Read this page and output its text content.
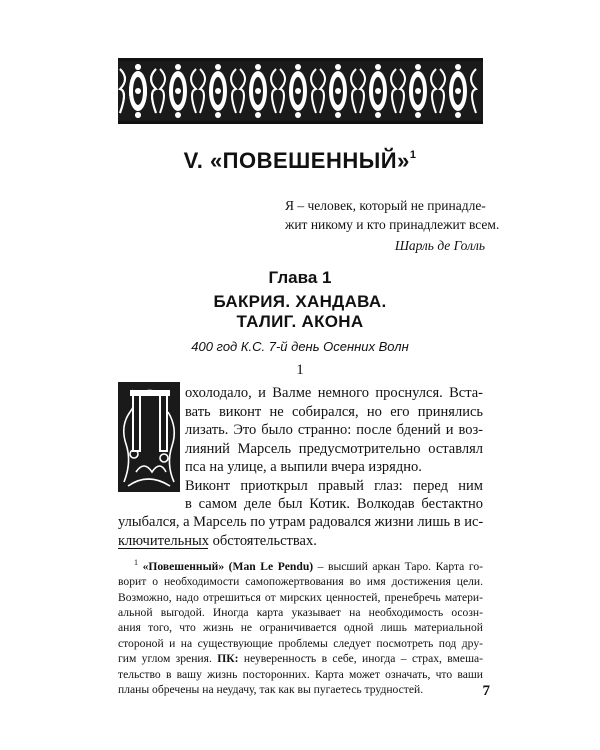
V. «ПОВЕШЕННЫЙ»$^1$
Я – человек, который не принадле-
жит никому и кто принадлежит всем.
Шарль де Голль
Глава 1
БАКРИЯ. ХАНДАВА.
ТАЛИГ. АКОНА
400 год К.С. 7-й день Осенних Волн
1
охолодало, и Валме немного проснулся. Вста-
вать виконт не собирался, но его принялись
лизать. Это было странно: после бдений и воз-
лияний Марсель предусмотрительно оставлял
пса на улице, а выпили вчера изрядно.
Виконт приоткрыл правый глаз: перед ним
в самом деле был Котик. Волкодав бестактно
улыбался, а Марсель по утрам радовался жизни лишь в ис-
ключительных обстоятельствах.
$^1$ «Повешенный» (Man Le Pendu) – высший аркан Таро. Карта го-
ворит о необходимости самопожертвования во имя достижения цели.
Возможно, надо отрешиться от мирских ценностей, пренебречь матери-
альной выгодой. Иногда карта указывает на необходимость осозн-
ания того, что жизнь не ограничивается одной лишь материальной
стороной и на существующие проблемы следует посмотреть под дру-
гим углом зрения. ПК: неуверенность в себе, иногда – страх, вмеша-
тельство в вашу жизнь посторонних. Карта может означать, что ваши
планы обречены на неудачу, так как вы пугаетесь трудностей.	7
